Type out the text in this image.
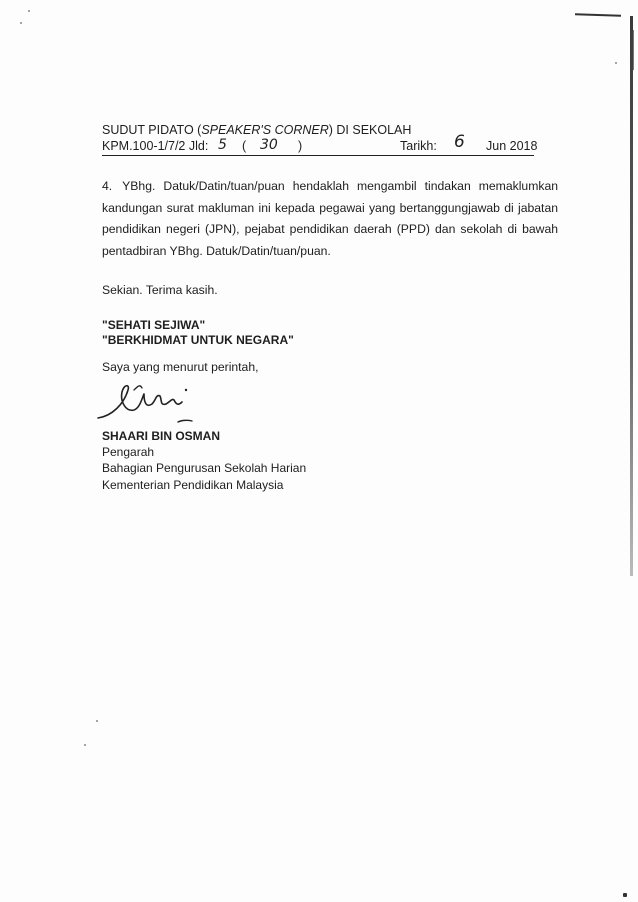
SUDUT PIDATO (SPEAKER'S CORNER) DI SEKOLAH
KPM.100-1/7/2 Jld: 5 ( 30 )	Tarikh: 6 Jun 2018
4. YBhg. Datuk/Datin/tuan/puan hendaklah mengambil tindakan memaklumkan kandungan surat makluman ini kepada pegawai yang bertanggungjawab di jabatan pendidikan negeri (JPN), pejabat pendidikan daerah (PPD) dan sekolah di bawah pentadbiran YBhg. Datuk/Datin/tuan/puan.
Sekian. Terima kasih.
"SEHATI SEJIWA"
"BERKHIDMAT UNTUK NEGARA"
Saya yang menurut perintah,
SHAARI BIN OSMAN
Pengarah
Bahagian Pengurusan Sekolah Harian
Kementerian Pendidikan Malaysia
